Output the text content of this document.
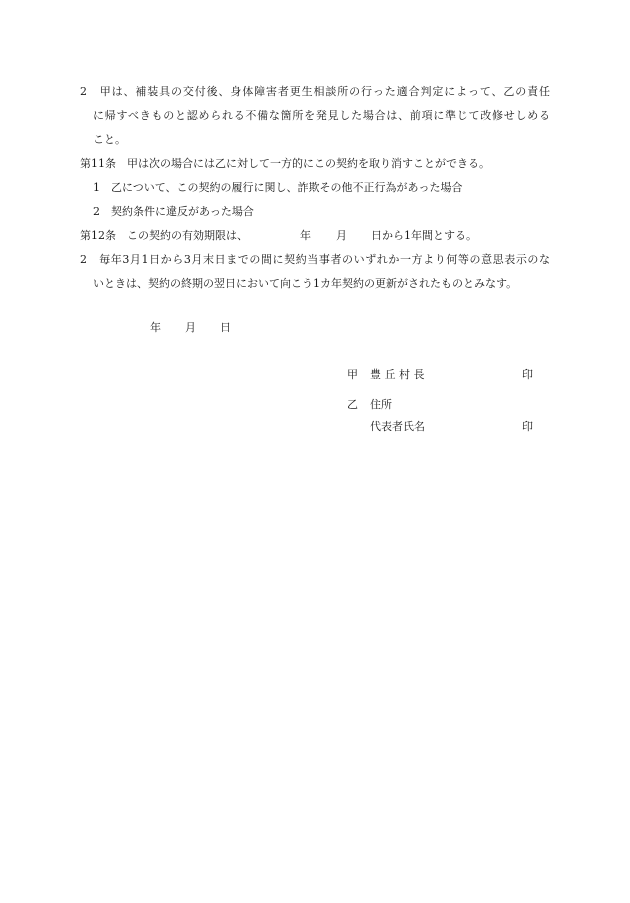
2　甲は、補装具の交付後、身体障害者更生相談所の行った適合判定によって、乙の責任
に帰すべきものと認められる不備な箇所を発見した場合は、前項に準じて改修せしめる
こと。
第11条　甲は次の場合には乙に対して一方的にこの契約を取り消すことができる。
1　乙について、この契約の履行に関し、詐欺その他不正行為があった場合
2　契約条件に違反があった場合
第12条　この契約の有効期限は、	年 月 日から1年間とする。
2　毎年3月1日から3月末日までの間に契約当事者のいずれか一方より何等の意思表示のな
いときは、契約の終期の翌日において向こう1カ年契約の更新がされたものとみなす。
年 月 日
甲 豊 丘 村 長	印
乙 住所
代表者氏名	印
